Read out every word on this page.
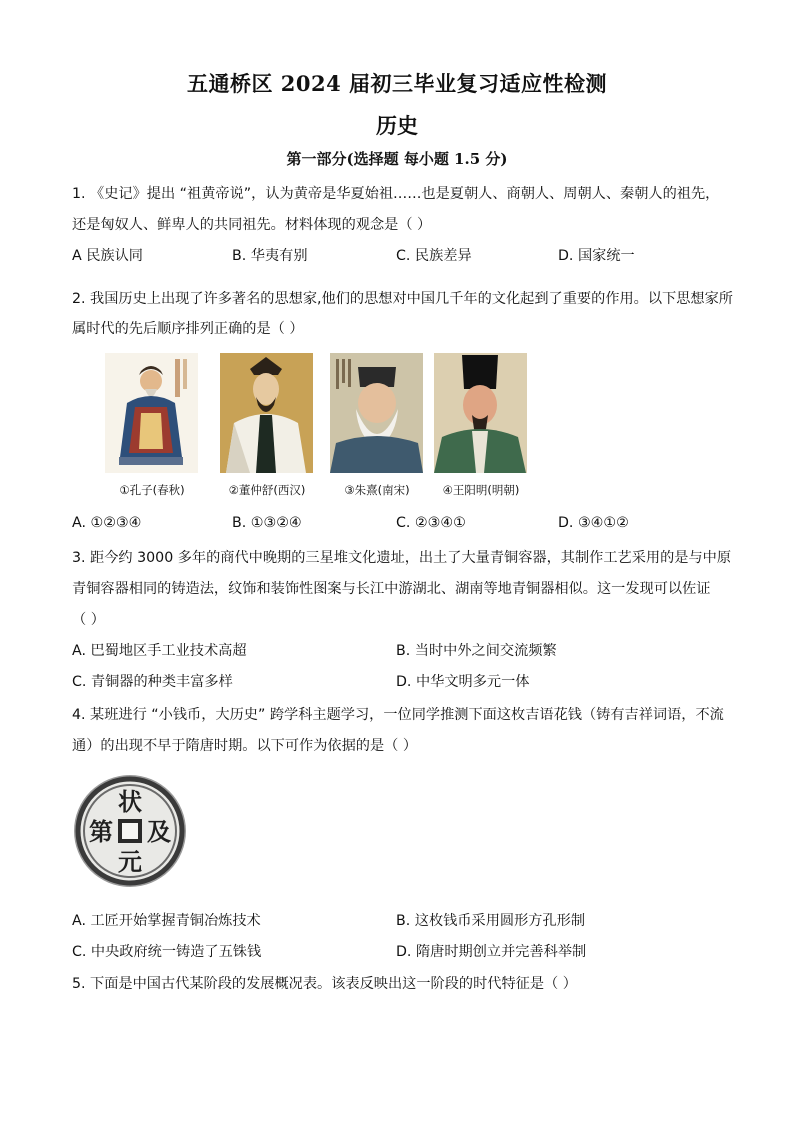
五通桥区 2024 届初三毕业复习适应性检测
历史
第一部分(选择题 每小题 1.5 分)
1. 《史记》提出 “祖黄帝说”，认为黄帝是华夏始祖……也是夏朝人、商朝人、周朝人、秦朝人的祖先，
还是匈奴人、鲜卑人的共同祖先。材料体现的观念是（ ）
A 民族认同	B. 华夷有别	C. 民族差异	D. 国家统一
2. 我国历史上出现了许多著名的思想家,他们的思想对中国几千年的文化起到了重要的作用。以下思想家所
属时代的先后顺序排列正确的是（ ）
①孔子(春秋)	②董仲舒(西汉)	③朱熹(南宋)	④王阳明(明朝)
A. ①②③④	B. ①③②④	C. ②③④①	D. ③④①②
3. 距今约 3000 多年的商代中晚期的三星堆文化遗址，出土了大量青铜容器，其制作工艺采用的是与中原
青铜容器相同的铸造法，纹饰和装饰性图案与长江中游湖北、湖南等地青铜器相似。这一发现可以佐证
（ ）
A. 巴蜀地区手工业技术高超	B. 当时中外之间交流频繁
C. 青铜器的种类丰富多样	D. 中华文明多元一体
4. 某班进行 “小钱币，大历史” 跨学科主题学习，一位同学推测下面这枚吉语花钱（铸有吉祥词语，不流
通）的出现不早于隋唐时期。以下可作为依据的是（ ）
状
元
及
第
A. 工匠开始掌握青铜冶炼技术	B. 这枚钱币采用圆形方孔形制
C. 中央政府统一铸造了五铢钱	D. 隋唐时期创立并完善科举制
5. 下面是中国古代某阶段的发展概况表。该表反映出这一阶段的时代特征是（ ）
